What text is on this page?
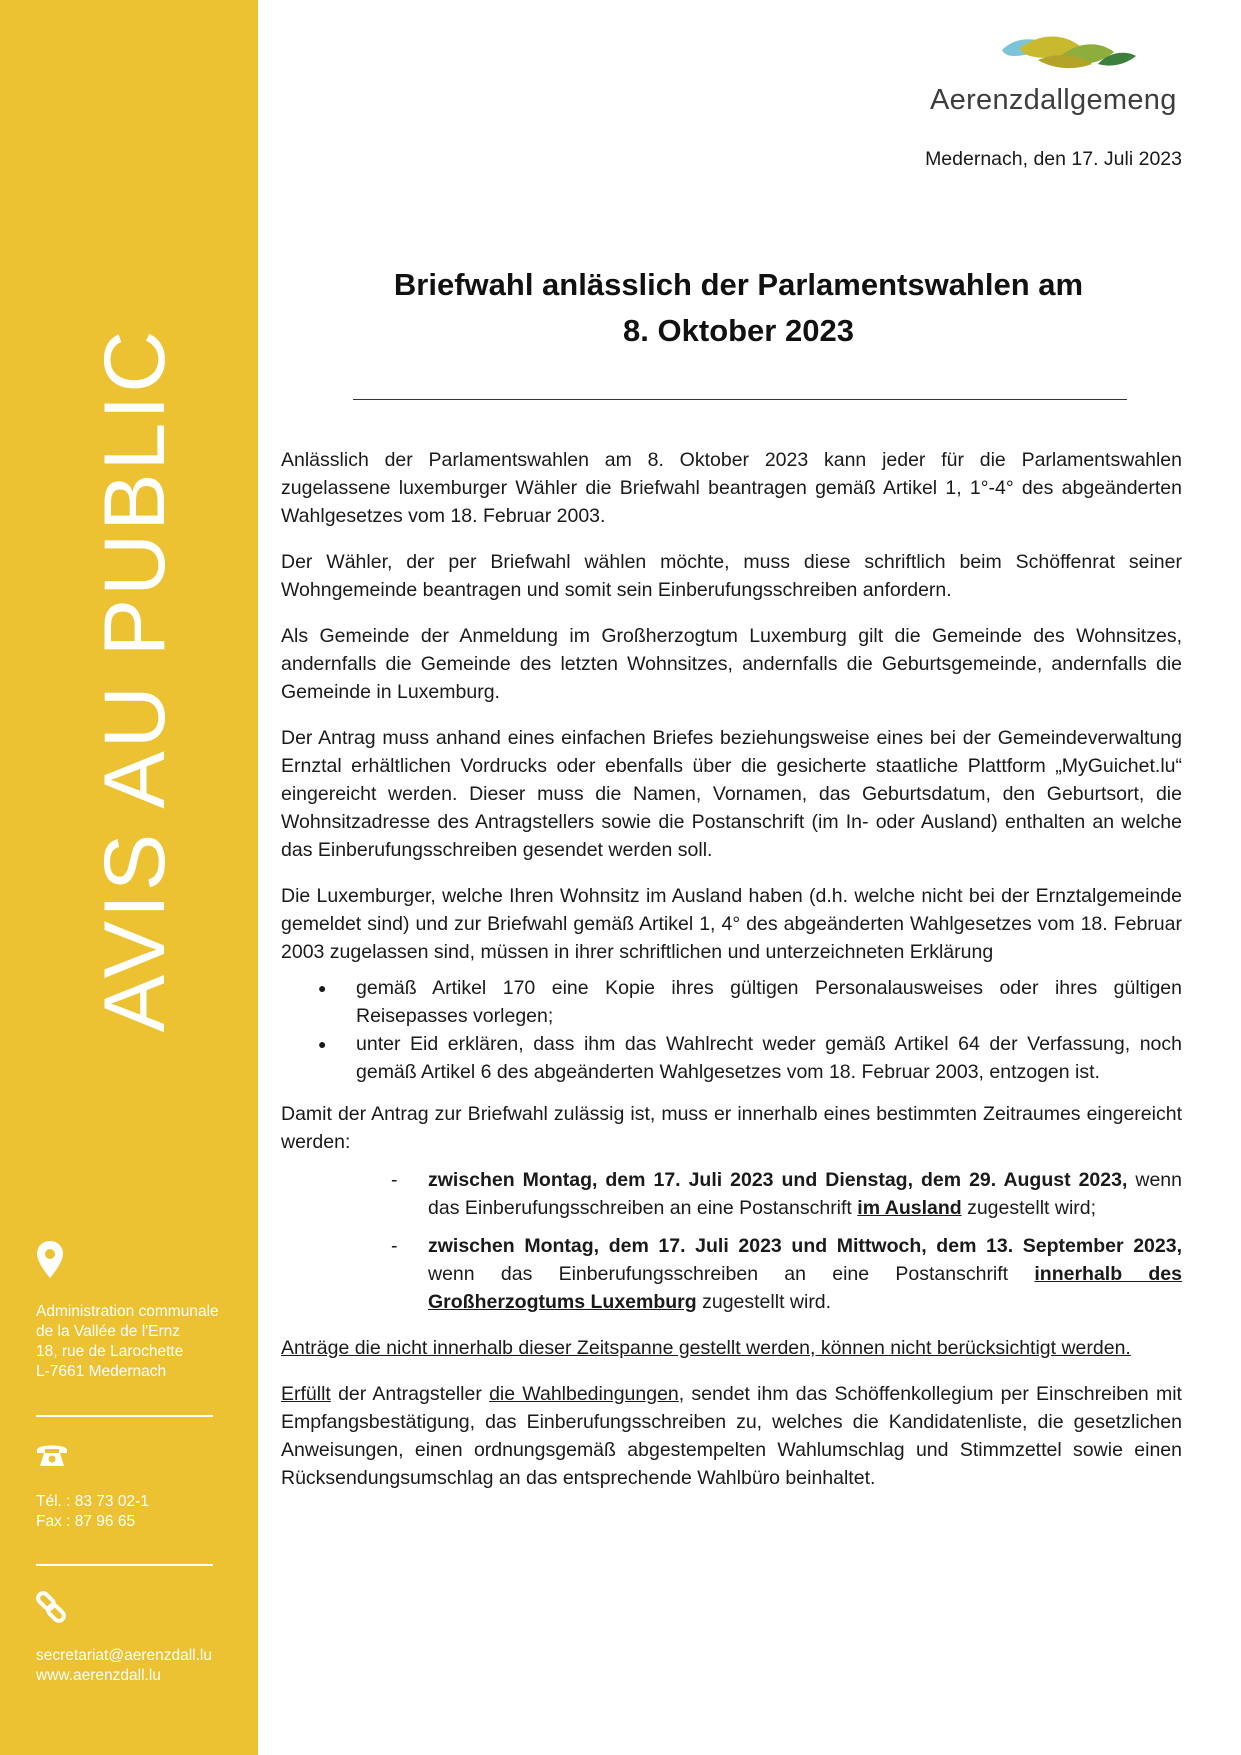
AVIS AU PUBLIC
Administration communale
de la Vallée de l'Ernz
18, rue de Larochette
L-7661 Medernach
Tél. : 83 73 02-1
Fax : 87 96 65
secretariat@aerenzdall.lu
www.aerenzdall.lu
Aerenzdallgemeng
Medernach, den 17. Juli 2023
Briefwahl anlässlich der Parlamentswahlen am
8. Oktober 2023

Anlässlich der Parlamentswahlen am 8. Oktober 2023 kann jeder für die Parlamentswahlen zugelassene luxemburger Wähler die Briefwahl beantragen gemäß Artikel 1, 1°-4° des abgeänderten Wahlgesetzes vom 18. Februar 2003.

Der Wähler, der per Briefwahl wählen möchte, muss diese schriftlich beim Schöffenrat seiner Wohngemeinde beantragen und somit sein Einberufungsschreiben anfordern.

Als Gemeinde der Anmeldung im Großherzogtum Luxemburg gilt die Gemeinde des Wohnsitzes, andernfalls die Gemeinde des letzten Wohnsitzes, andernfalls die Geburtsgemeinde, andernfalls die Gemeinde in Luxemburg.

Der Antrag muss anhand eines einfachen Briefes beziehungsweise eines bei der Gemeindeverwaltung Ernztal erhältlichen Vordrucks oder ebenfalls über die gesicherte staatliche Plattform „MyGuichet.lu“ eingereicht werden. Dieser muss die Namen, Vornamen, das Geburtsdatum, den Geburtsort, die Wohnsitzadresse des Antragstellers sowie die Postanschrift (im In- oder Ausland) enthalten an welche das Einberufungsschreiben gesendet werden soll.

Die Luxemburger, welche Ihren Wohnsitz im Ausland haben (d.h. welche nicht bei der Ernztalgemeinde gemeldet sind) und zur Briefwahl gemäß Artikel 1, 4° des abgeänderten Wahlgesetzes vom 18. Februar 2003 zugelassen sind, müssen in ihrer schriftlichen und unterzeichneten Erklärung

● gemäß Artikel 170 eine Kopie ihres gültigen Personalausweises oder ihres gültigen Reisepasses vorlegen;
● unter Eid erklären, dass ihm das Wahlrecht weder gemäß Artikel 64 der Verfassung, noch gemäß Artikel 6 des abgeänderten Wahlgesetzes vom 18. Februar 2003, entzogen ist.

Damit der Antrag zur Briefwahl zulässig ist, muss er innerhalb eines bestimmten Zeitraumes eingereicht werden:

- zwischen Montag, dem 17. Juli 2023 und Dienstag, dem 29. August 2023, wenn das Einberufungsschreiben an eine Postanschrift im Ausland zugestellt wird;
- zwischen Montag, dem 17. Juli 2023 und Mittwoch, dem 13. September 2023, wenn das Einberufungsschreiben an eine Postanschrift innerhalb des Großherzogtums Luxemburg zugestellt wird.

Anträge die nicht innerhalb dieser Zeitspanne gestellt werden, können nicht berücksichtigt werden.

Erfüllt der Antragsteller die Wahlbedingungen, sendet ihm das Schöffenkollegium per Einschreiben mit Empfangsbestätigung, das Einberufungsschreiben zu, welches die Kandidatenliste, die gesetzlichen Anweisungen, einen ordnungsgemäß abgestempelten Wahlumschlag und Stimmzettel sowie einen Rücksendungsumschlag an das entsprechende Wahlbüro beinhaltet.
